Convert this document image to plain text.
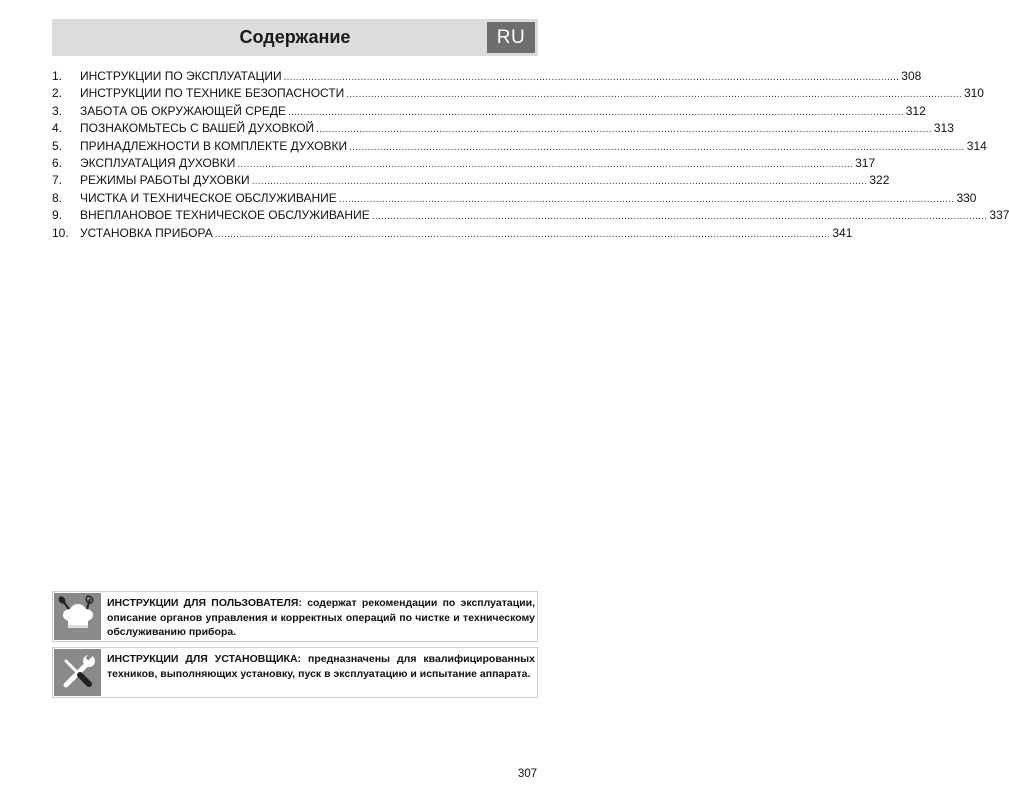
Содержание	RU
1.	ИНСТРУКЦИИ ПО ЭКСПЛУАТАЦИИ ........................................................................................................................................................................................................ 308
2.	ИНСТРУКЦИИ ПО ТЕХНИКЕ БЕЗОПАСНОСТИ ........................................................................................................................................................................................................ 310
3.	ЗАБОТА ОБ ОКРУЖАЮЩЕЙ СРЕДЕ ........................................................................................................................................................................................................ 312
4.	ПОЗНАКОМЬТЕСЬ С ВАШЕЙ ДУХОВКОЙ ........................................................................................................................................................................................................ 313
5.	ПРИНАДЛЕЖНОСТИ В КОМПЛЕКТЕ ДУХОВКИ ........................................................................................................................................................................................................ 314
6.	ЭКСПЛУАТАЦИЯ ДУХОВКИ ........................................................................................................................................................................................................ 317
7.	РЕЖИМЫ РАБОТЫ ДУХОВКИ ........................................................................................................................................................................................................ 322
8.	ЧИСТКА И ТЕХНИЧЕСКОЕ ОБСЛУЖИВАНИЕ ........................................................................................................................................................................................................ 330
9.	ВНЕПЛАНОВОЕ ТЕХНИЧЕСКОЕ ОБСЛУЖИВАНИЕ ........................................................................................................................................................................................................ 337
10. УСТАНОВКА ПРИБОРА ........................................................................................................................................................................................................ 341
ИНСТРУКЦИИ ДЛЯ ПОЛЬЗОВАТЕЛЯ: содержат рекомендации по эксплуатации, описание органов управления и корректных операций по чистке и техническому обслуживанию прибора.
ИНСТРУКЦИИ ДЛЯ УСТАНОВЩИКА: предназначены для квалифицированных техников, выполняющих установку, пуск в эксплуатацию и испытание аппарата.
307
